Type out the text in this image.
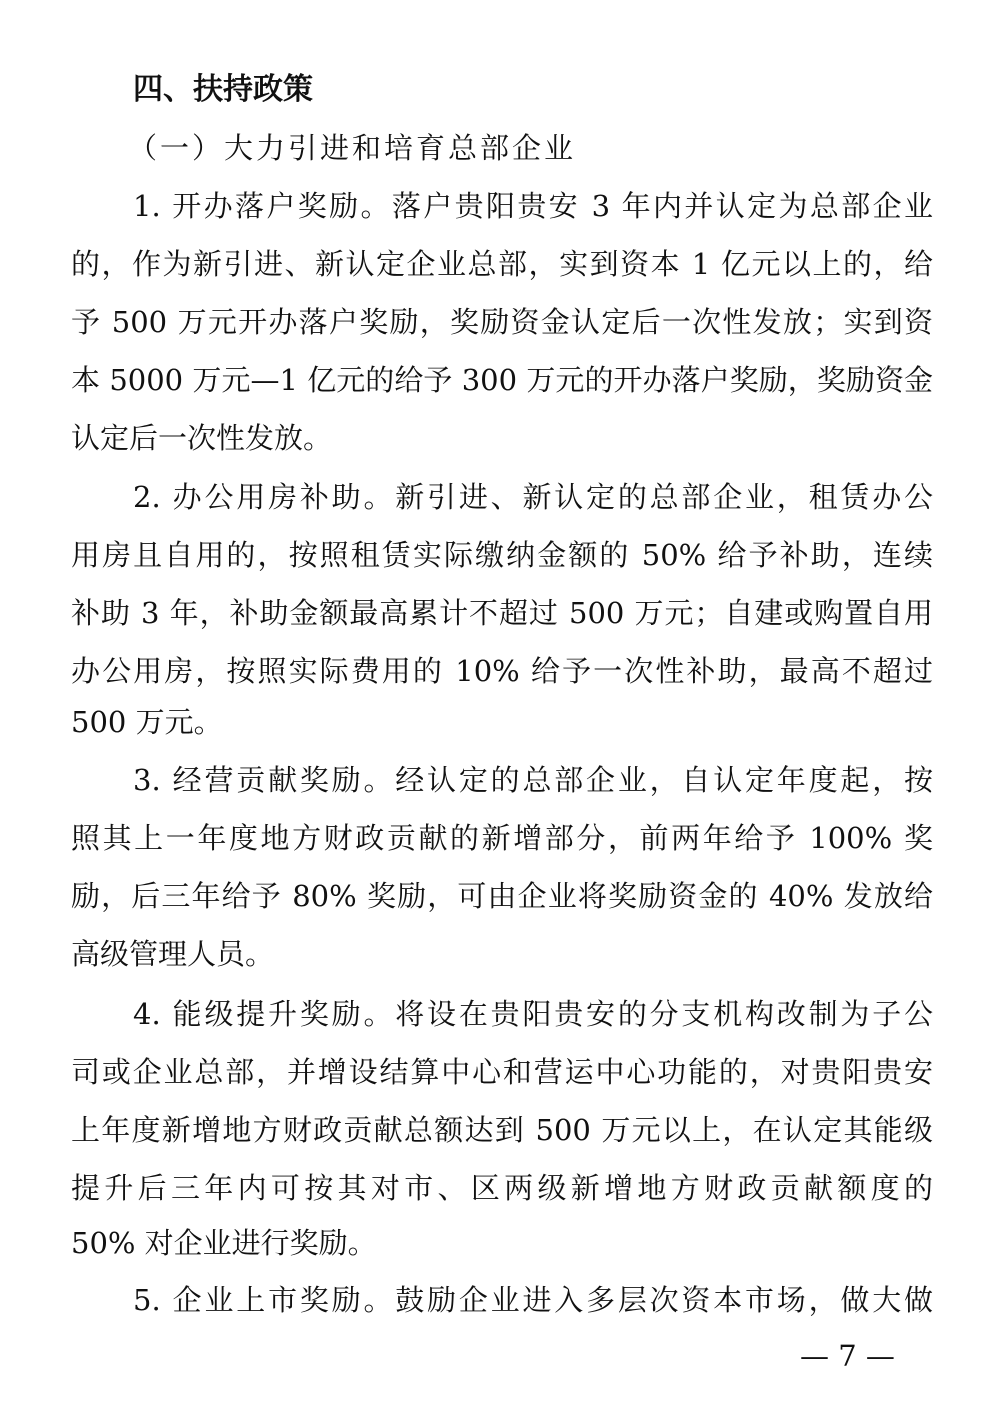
四、扶持政策
（一）大力引进和培育总部企业
1. 开办落户奖励。落户贵阳贵安 3 年内并认定为总部企业
的，作为新引进、新认定企业总部，实到资本 1 亿元以上的，给
予 500 万元开办落户奖励，奖励资金认定后一次性发放；实到资
本 5000 万元—1 亿元的给予 300 万元的开办落户奖励，奖励资金
认定后一次性发放。
2. 办公用房补助。新引进、新认定的总部企业，租赁办公
用房且自用的，按照租赁实际缴纳金额的 50% 给予补助，连续
补助 3 年，补助金额最高累计不超过 500 万元；自建或购置自用
办公用房，按照实际费用的 10% 给予一次性补助，最高不超过
500 万元。
3. 经营贡献奖励。经认定的总部企业，自认定年度起，按
照其上一年度地方财政贡献的新增部分，前两年给予 100% 奖
励，后三年给予 80% 奖励，可由企业将奖励资金的 40% 发放给
高级管理人员。
4. 能级提升奖励。将设在贵阳贵安的分支机构改制为子公
司或企业总部，并增设结算中心和营运中心功能的，对贵阳贵安
上年度新增地方财政贡献总额达到 500 万元以上，在认定其能级
提升后三年内可按其对市、区两级新增地方财政贡献额度的
50% 对企业进行奖励。
5. 企业上市奖励。鼓励企业进入多层次资本市场，做大做
— 7 —
